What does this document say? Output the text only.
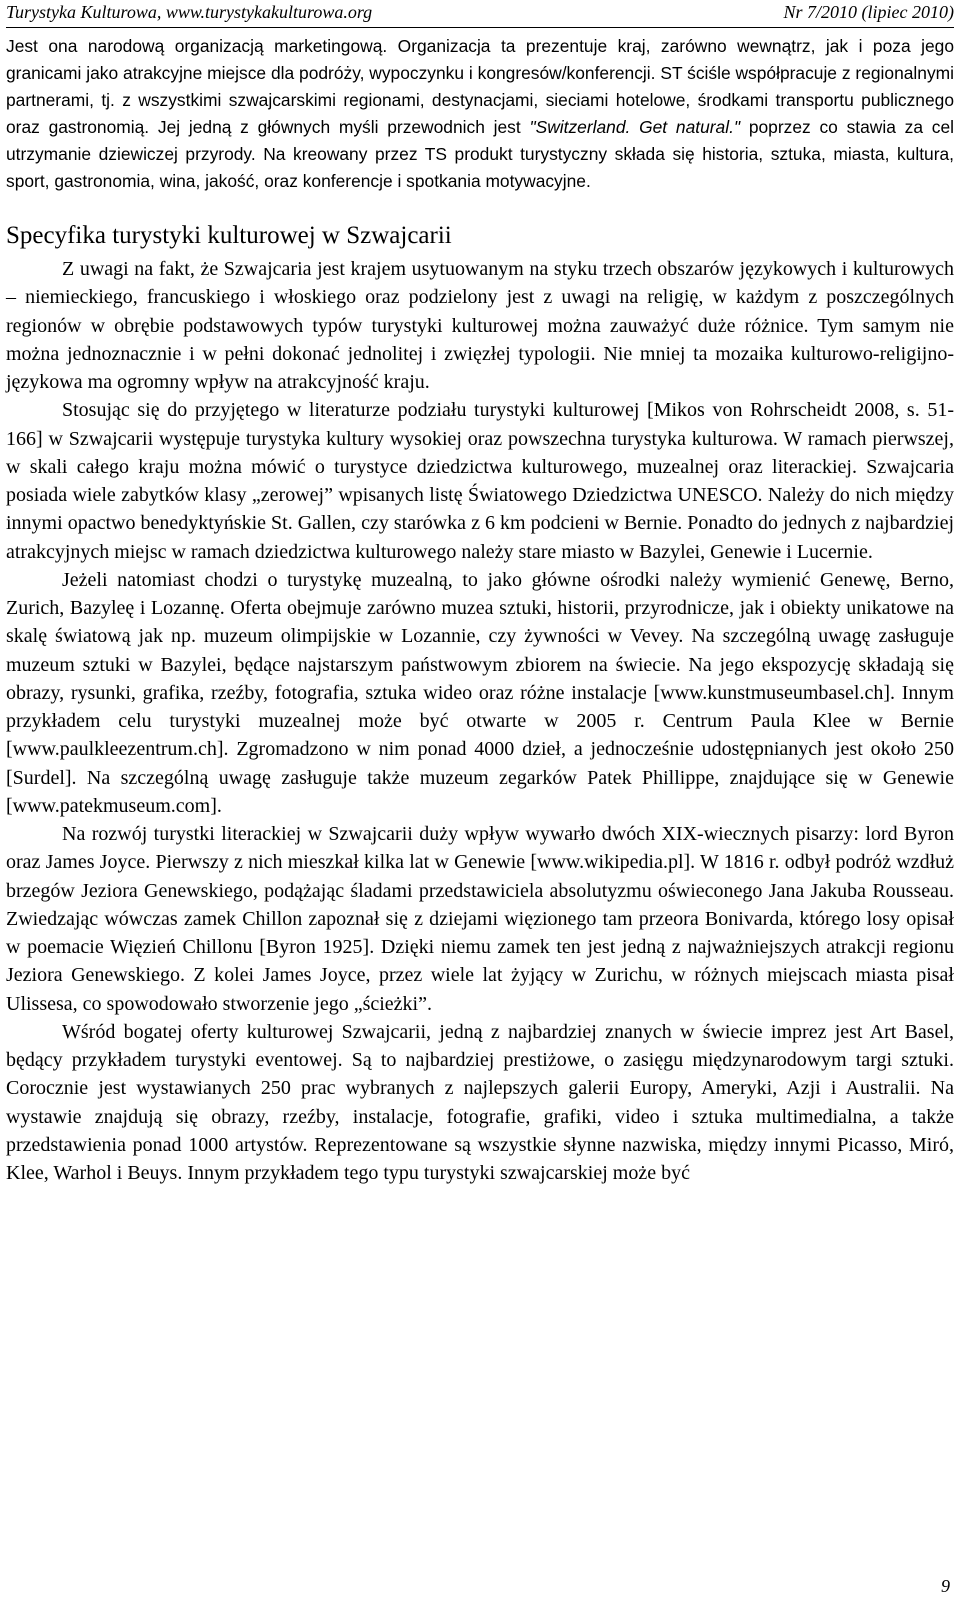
Turystyka Kulturowa, www.turystykakulturowa.org	Nr 7/2010 (lipiec 2010)

Jest ona narodową organizacją marketingową. Organizacja ta prezentuje kraj, zarówno wewnątrz, jak i poza jego granicami jako atrakcyjne miejsce dla podróży, wypoczynku i kongresów/konferencji. ST ściśle współpracuje z regionalnymi partnerami, tj. z wszystkimi szwajcarskimi regionami, destynacjami, sieciami hotelowe, środkami transportu publicznego oraz gastronomią. Jej jedną z głównych myśli przewodnich jest "Switzerland. Get natural." poprzez co stawia za cel utrzymanie dziewiczej przyrody. Na kreowany przez TS produkt turystyczny składa się historia, sztuka, miasta, kultura, sport, gastronomia, wina, jakość, oraz konferencje i spotkania motywacyjne.

Specyfika turystyki kulturowej w Szwajcarii

Z uwagi na fakt, że Szwajcaria jest krajem usytuowanym na styku trzech obszarów językowych i kulturowych – niemieckiego, francuskiego i włoskiego oraz podzielony jest z uwagi na religię, w każdym z poszczególnych regionów w obrębie podstawowych typów turystyki kulturowej można zauważyć duże różnice. Tym samym nie można jednoznacznie i w pełni dokonać jednolitej i zwięzłej typologii. Nie mniej ta mozaika kulturowo-religijno-językowa ma ogromny wpływ na atrakcyjność kraju.

Stosując się do przyjętego w literaturze podziału turystyki kulturowej [Mikos von Rohrscheidt 2008, s. 51-166] w Szwajcarii występuje turystyka kultury wysokiej oraz powszechna turystyka kulturowa. W ramach pierwszej, w skali całego kraju można mówić o turystyce dziedzictwa kulturowego, muzealnej oraz literackiej. Szwajcaria posiada wiele zabytków klasy „zerowej” wpisanych listę Światowego Dziedzictwa UNESCO. Należy do nich między innymi opactwo benedyktyńskie St. Gallen, czy starówka z 6 km podcieni w Bernie. Ponadto do jednych z najbardziej atrakcyjnych miejsc w ramach dziedzictwa kulturowego należy stare miasto w Bazylei, Genewie i Lucernie.

Jeżeli natomiast chodzi o turystykę muzealną, to jako główne ośrodki należy wymienić Genewę, Berno, Zurich, Bazyleę i Lozannę. Oferta obejmuje zarówno muzea sztuki, historii, przyrodnicze, jak i obiekty unikatowe na skalę światową jak np. muzeum olimpijskie w Lozannie, czy żywności w Vevey. Na szczególną uwagę zasługuje muzeum sztuki w Bazylei, będące najstarszym państwowym zbiorem na świecie. Na jego ekspozycję składają się obrazy, rysunki, grafika, rzeźby, fotografia, sztuka wideo oraz różne instalacje [www.kunstmuseumbasel.ch]. Innym przykładem celu turystyki muzealnej może być otwarte w 2005 r. Centrum Paula Klee w Bernie [www.paulkleezentrum.ch]. Zgromadzono w nim ponad 4000 dzieł, a jednocześnie udostępnianych jest około 250 [Surdel]. Na szczególną uwagę zasługuje także muzeum zegarków Patek Phillippe, znajdujące się w Genewie [www.patekmuseum.com].

Na rozwój turystki literackiej w Szwajcarii duży wpływ wywarło dwóch XIX-wiecznych pisarzy: lord Byron oraz James Joyce. Pierwszy z nich mieszkał kilka lat w Genewie [www.wikipedia.pl]. W 1816 r. odbył podróż wzdłuż brzegów Jeziora Genewskiego, podążając śladami przedstawiciela absolutyzmu oświeconego Jana Jakuba Rousseau. Zwiedzając wówczas zamek Chillon zapoznał się z dziejami więzionego tam przeora Bonivarda, którego losy opisał w poemacie Więzień Chillonu [Byron 1925]. Dzięki niemu zamek ten jest jedną z najważniejszych atrakcji regionu Jeziora Genewskiego. Z kolei James Joyce, przez wiele lat żyjący w Zurichu, w różnych miejscach miasta pisał Ulissesa, co spowodowało stworzenie jego „ścieżki”.

Wśród bogatej oferty kulturowej Szwajcarii, jedną z najbardziej znanych w świecie imprez jest Art Basel, będący przykładem turystyki eventowej. Są to najbardziej prestiżowe, o zasięgu międzynarodowym targi sztuki. Corocznie jest wystawianych 250 prac wybranych z najlepszych galerii Europy, Ameryki, Azji i Australii. Na wystawie znajdują się obrazy, rzeźby, instalacje, fotografie, grafiki, video i sztuka multimedialna, a także przedstawienia ponad 1000 artystów. Reprezentowane są wszystkie słynne nazwiska, między innymi Picasso, Miró, Klee, Warhol i Beuys. Innym przykładem tego typu turystyki szwajcarskiej może być

9
